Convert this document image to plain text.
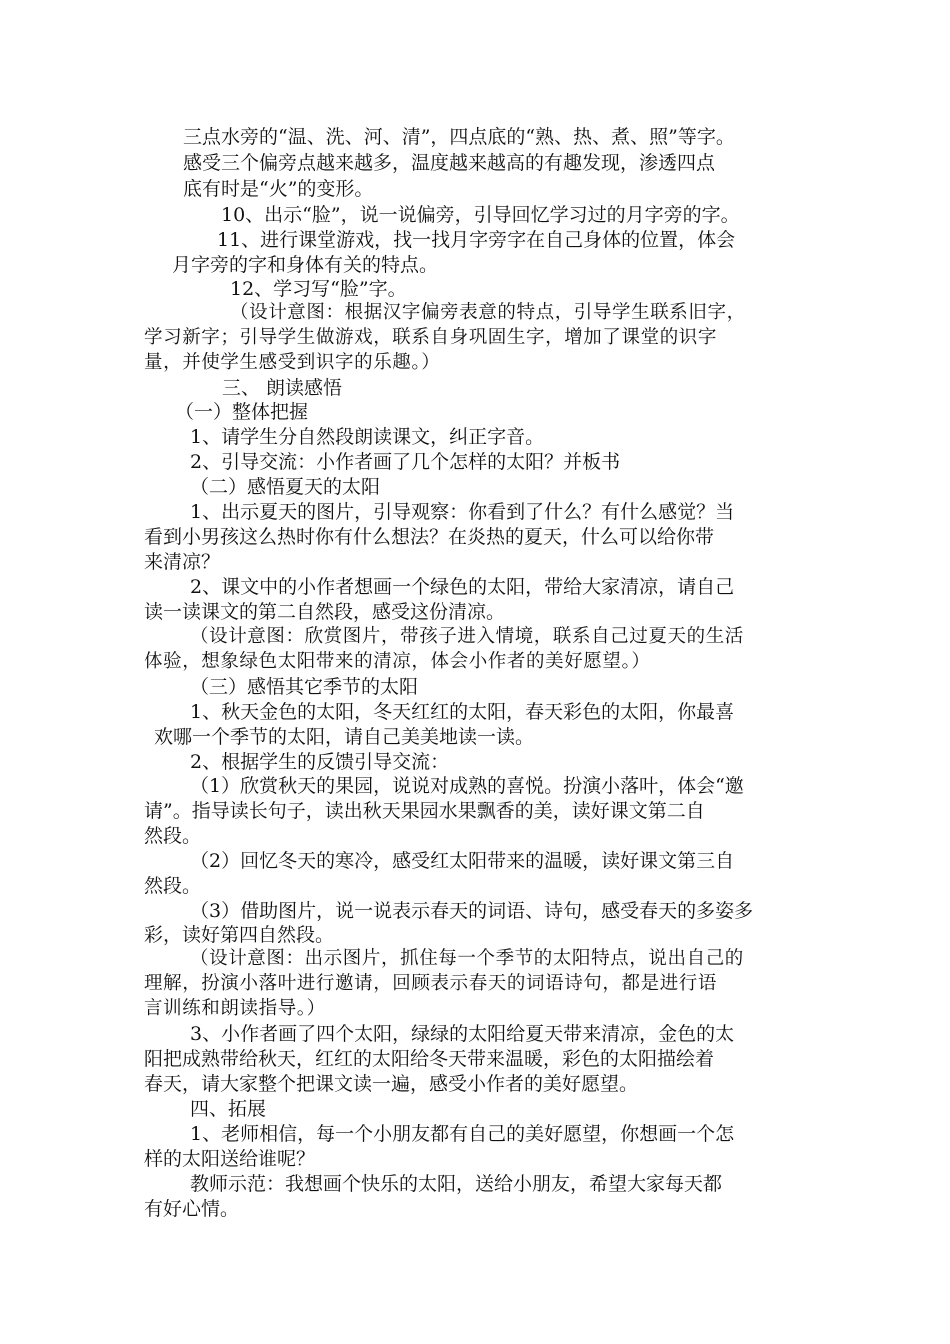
三点水旁的“温、洗、河、清”，四点底的“熟、热、煮、照”等字。
感受三个偏旁点越来越多，温度越来越高的有趣发现，渗透四点
底有时是“火”的变形。
10、出示“脸”，说一说偏旁，引导回忆学习过的月字旁的字。
11、进行课堂游戏，找一找月字旁字在自己身体的位置，体会
月字旁的字和身体有关的特点。
12、学习写“脸”字。
（设计意图：根据汉字偏旁表意的特点，引导学生联系旧字，
学习新字；引导学生做游戏，联系自身巩固生字，增加了课堂的识字
量，并使学生感受到识字的乐趣。）
三、 朗读感悟
（一）整体把握
1、请学生分自然段朗读课文，纠正字音。
2、引导交流：小作者画了几个怎样的太阳？并板书
（二）感悟夏天的太阳
1、出示夏天的图片，引导观察：你看到了什么？有什么感觉？当
看到小男孩这么热时你有什么想法？在炎热的夏天，什么可以给你带
来清凉？
2、课文中的小作者想画一个绿色的太阳，带给大家清凉，请自己
读一读课文的第二自然段，感受这份清凉。
（设计意图：欣赏图片，带孩子进入情境，联系自己过夏天的生活
体验，想象绿色太阳带来的清凉，体会小作者的美好愿望。）
（三）感悟其它季节的太阳
1、秋天金色的太阳，冬天红红的太阳，春天彩色的太阳，你最喜
欢哪一个季节的太阳，请自己美美地读一读。
2、根据学生的反馈引导交流：
（1）欣赏秋天的果园，说说对成熟的喜悦。扮演小落叶，体会“邀
请”。指导读长句子，读出秋天果园水果飘香的美，读好课文第二自
然段。
（2）回忆冬天的寒冷，感受红太阳带来的温暖，读好课文第三自
然段。
（3）借助图片，说一说表示春天的词语、诗句，感受春天的多姿多
彩，读好第四自然段。
（设计意图：出示图片，抓住每一个季节的太阳特点，说出自己的
理解，扮演小落叶进行邀请，回顾表示春天的词语诗句，都是进行语
言训练和朗读指导。）
3、小作者画了四个太阳，绿绿的太阳给夏天带来清凉，金色的太
阳把成熟带给秋天，红红的太阳给冬天带来温暖，彩色的太阳描绘着
春天，请大家整个把课文读一遍，感受小作者的美好愿望。
四、拓展
1、老师相信，每一个小朋友都有自己的美好愿望，你想画一个怎
样的太阳送给谁呢？
教师示范：我想画个快乐的太阳，送给小朋友，希望大家每天都
有好心情。
